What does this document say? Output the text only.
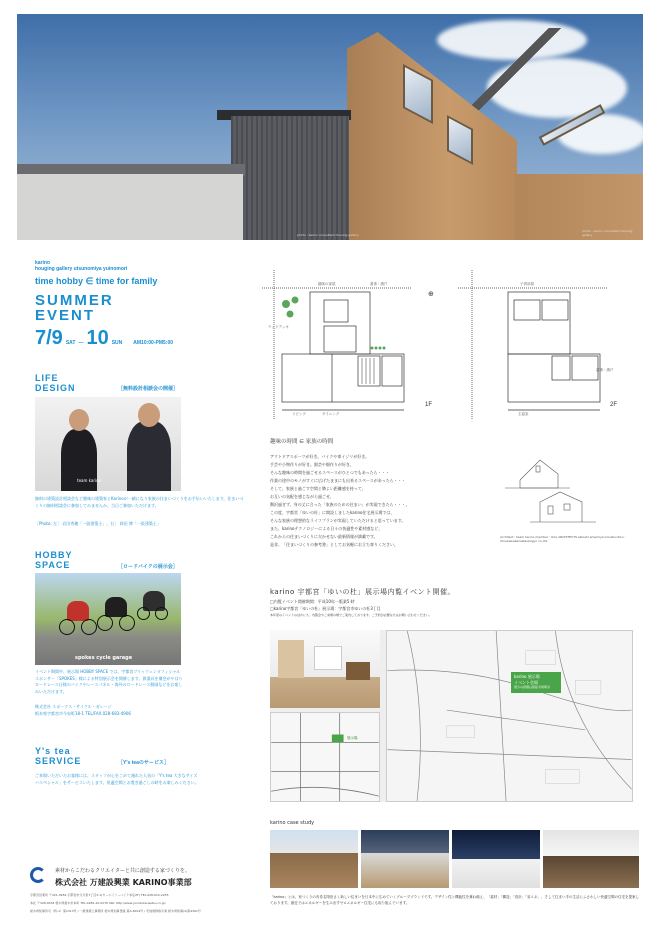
photo : karino consultant housing gallery
photo : karino consultant housing gallery
karino
houging gallery utsunomiya yuinomori
time hobby ∈ time for family
SUMMER
EVENT
7/9 SAT — 10 SUN AM10:00-PM5:00
LIFE
DESIGN	［無料設計相談会の開催］
team karino
無料の建築設計相談会など趣味の建築家とKarinoが一緒になり家族の住まいづくりをお手伝いいたします。住まいづくりの無料相談会に参加してみませんか。当日ご参加いただけます。
［Photo: 左］ 岩田秀穂「一級建築士」、右］ 岡田 博「一級建築士」
HOBBY
SPACE	［ロードバイクの展示会］
spokes cycle garage
イベント期間中、展示場 HOBBY SPACE では、宇都宮ブリッツェンオフィシャルスポンサー「SPOKES」様による特別展示会を開催します。資器具を備会がやはりロードレース仕様のバイクやレースパネル・海外のロードレース動画などをお楽しみいただけます。
株式会社 スポークス・サイクル・ガレージ
栃木県宇都宮市今泉町18-1 TEL/FAX.028-683-4906
Y's tea
SERVICE	［Y's teaのサービス］
ご来場いただいたお客様には、スタッフが心をこめて淹れた人気の「Y's tea 大きなサイズハスペシャル」をサービスいたします。快適空間とお寛ぎ過ごしの時をお楽しみください。
趣味の部屋	書斎・納戸
ウッドデッキ
リビング	ダイニング
1F
⊕
子供部屋
書斎・納戸
主寝室
2F
趣味の時間 ∈ 家族の時間
アウトドアスポーツが好き。バイクや車イジリが好き。
手芸や小物作りが好き。園芸や畑作りが好き。
そんな趣味の時間を過ごせるスペースがひとつでもあったら・・・
作業の途中のモノがすぐに広げたままにも出来るスペースがあったら・・・
そして、家族と過ごす空間と隣よい距離感を持って、
お互いの気配を感じながら過ごせ、
贅沢過ぎず、身の丈に合った「家族のための住まい」が実現できたら・・・。
この度、宇都宮「ゆいの杜」に開設しましたkarino住宅展示場では、
そんな家族の理想的なライフプランが実現していただけると思っています。
また、karinoテクノロジーによる日々の快適性や素材感など、
これからの住まいづくりに欠かせない最新情報が満載です。
是非、「住まいづくりの参考書」としてお気軽にお立ち寄りください。
Architect : team karino member・UGL ARCHITECTS satoshi amemiya Construction : Yonezawakensetsukogyo co.,ltd.
karino 宇都宮「ゆいの杜」展示場内覧イベント開催。
□内覧イベント開催期間：平成10年一版業5 時
□karino宇都宮「ゆいの杜」展示場：宇都宮市ゆいの杜3丁目
本年度のイベントのほかにも、内覧会やご来場の場でご案内しております。ご予約が必要な方はお問い合わせください。
展示場
karino 展示場
イベント会場
展示の詳細は富能寺建築寺
karino case study
「karino」とは、家づくりの有希名岡田さく新しい住まいを日本中に広めていくグループブランドです。デザイン性と機能性を兼ね備え、「素材」「構造」「設計」「省エネ」、そして住まい手の生活にふさわしい快適空間の住宅を提案しております。最近ではエネルギーを生み出すゼロエネルギー住宅にも取り組んでいます。
素材からこだわるクリエイターと共に創造する家づくりを。
株式会社 万建設興業 KARINO事業部
宇都宮営業所 〒321-0954 宇都宮市元今泉7丁目3-1(カーエイソーバイク本店2F) TEL.028-612-2255
本社 〒328-0034 栃木県栃木市本町 TEL.0282-20-0276 URL http://www.yorozukensetsu.co.jp/
栃木県知事許可（特-1）第1313号 / 一級建築士事務所 栃木県知事登録 第A-3004号 / 宅地建物取引業 栃木県知事(2)第4361号
